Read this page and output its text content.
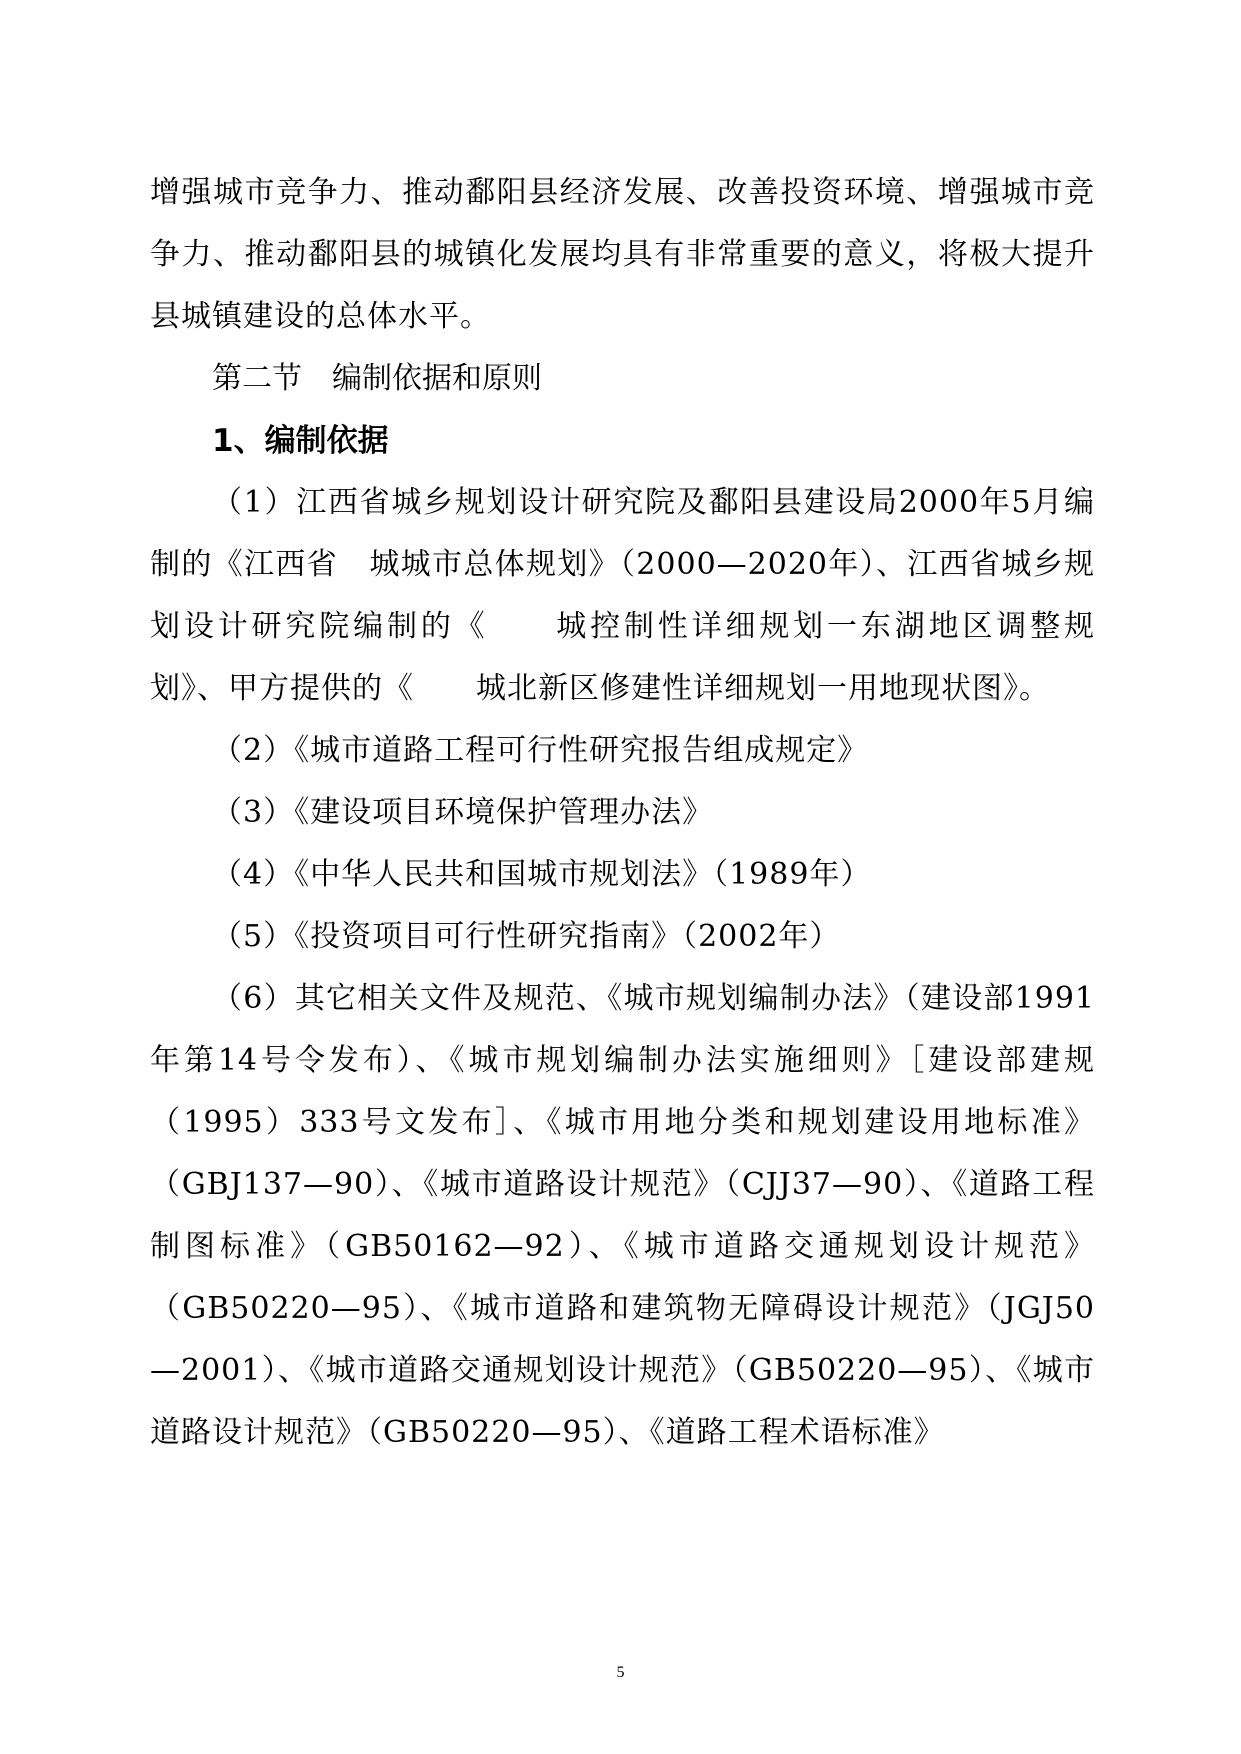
增强城市竞争力、推动鄱阳县经济发展、改善投资环境、增强城市竞争力、推动鄱阳县的城镇化发展均具有非常重要的意义，将极大提升　　县城镇建设的总体水平。

第二节　编制依据和原则

1、编制依据

（1）江西省城乡规划设计研究院及鄱阳县建设局2000年5月编制的《江西省　城城市总体规划》（2000—2020年）、江西省城乡规划设计研究院编制的《　　城控制性详细规划一东湖地区调整规划》、甲方提供的《　　城北新区修建性详细规划一用地现状图》。

（2）《城市道路工程可行性研究报告组成规定》

（3）《建设项目环境保护管理办法》

（4）《中华人民共和国城市规划法》（1989年）

（5）《投资项目可行性研究指南》（2002年）

（6）其它相关文件及规范、《城市规划编制办法》（建设部1991年第14号令发布）、《城市规划编制办法实施细则》［建设部建规（1995）333号文发布］、《城市用地分类和规划建设用地标准》（GBJ137—90）、《城市道路设计规范》（CJJ37—90）、《道路工程制图标准》（GB50162—92）、《城市道路交通规划设计规范》（GB50220—95）、《城市道路和建筑物无障碍设计规范》（JGJ50—2001）、《城市道路交通规划设计规范》（GB50220—95）、《城市道路设计规范》（GB50220—95）、《道路工程术语标准》

5
